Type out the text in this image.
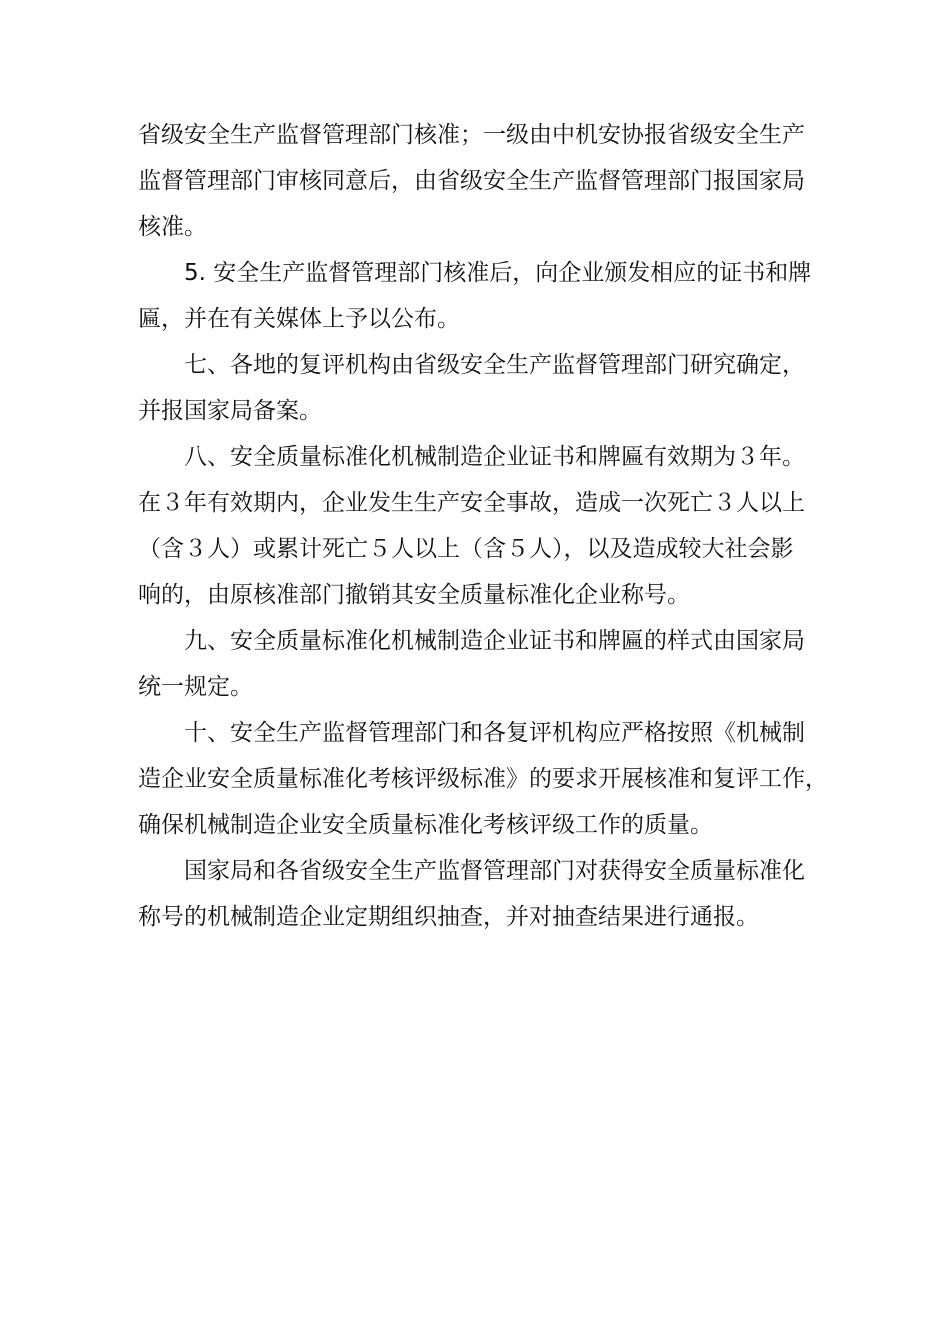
省级安全生产监督管理部门核准；一级由中机安协报省级安全生产
监督管理部门审核同意后，由省级安全生产监督管理部门报国家局
核准。

5. 安全生产监督管理部门核准后，向企业颁发相应的证书和牌
匾，并在有关媒体上予以公布。

七、各地的复评机构由省级安全生产监督管理部门研究确定，
并报国家局备案。

八、安全质量标准化机械制造企业证书和牌匾有效期为３年。
在３年有效期内，企业发生生产安全事故，造成一次死亡３人以上
（含３人）或累计死亡５人以上（含５人），以及造成较大社会影
响的，由原核准部门撤销其安全质量标准化企业称号。

九、安全质量标准化机械制造企业证书和牌匾的样式由国家局
统一规定。

十、安全生产监督管理部门和各复评机构应严格按照《机械制
造企业安全质量标准化考核评级标准》的要求开展核准和复评工作，
确保机械制造企业安全质量标准化考核评级工作的质量。

国家局和各省级安全生产监督管理部门对获得安全质量标准化
称号的机械制造企业定期组织抽查，并对抽查结果进行通报。
